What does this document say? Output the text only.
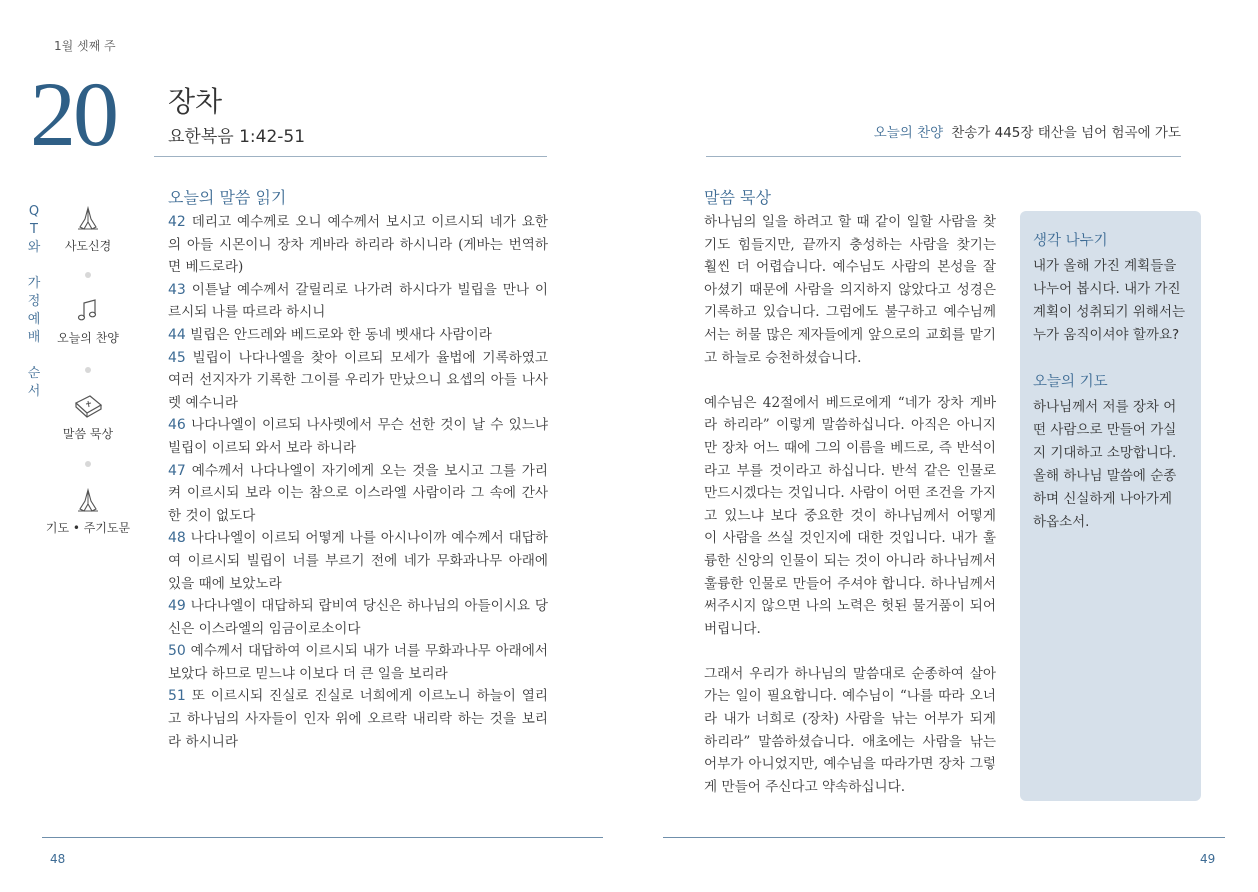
1월 셋째 주
20 장차
요한복음 1:42-51	오늘의 찬양 찬송가 445장 태산을 넘어 험곡에 가도
Q
T
와
가
정
예
배
순
서
사도신경
오늘의 찬양
말씀 묵상
기도 • 주기도문
오늘의 말씀 읽기
42 데리고 예수께로 오니 예수께서 보시고 이르시되 네가 요한의 아들 시몬이니 장차 게바라 하리라 하시니라 (게바는 번역하면 베드로라)
43 이튿날 예수께서 갈릴리로 나가려 하시다가 빌립을 만나 이르시되 나를 따르라 하시니
44 빌립은 안드레와 베드로와 한 동네 벳새다 사람이라
45 빌립이 나다나엘을 찾아 이르되 모세가 율법에 기록하였고 여러 선지자가 기록한 그이를 우리가 만났으니 요셉의 아들 나사렛 예수니라
46 나다나엘이 이르되 나사렛에서 무슨 선한 것이 날 수 있느냐 빌립이 이르되 와서 보라 하니라
47 예수께서 나다나엘이 자기에게 오는 것을 보시고 그를 가리켜 이르시되 보라 이는 참으로 이스라엘 사람이라 그 속에 간사한 것이 없도다
48 나다나엘이 이르되 어떻게 나를 아시나이까 예수께서 대답하여 이르시되 빌립이 너를 부르기 전에 네가 무화과나무 아래에 있을 때에 보았노라
49 나다나엘이 대답하되 랍비여 당신은 하나님의 아들이시요 당신은 이스라엘의 임금이로소이다
50 예수께서 대답하여 이르시되 내가 너를 무화과나무 아래에서 보았다 하므로 믿느냐 이보다 더 큰 일을 보리라
51 또 이르시되 진실로 진실로 너희에게 이르노니 하늘이 열리고 하나님의 사자들이 인자 위에 오르락 내리락 하는 것을 보리라 하시니라
말씀 묵상

하나님의 일을 하려고 할 때 같이 일할 사람을 찾기도 힘들지만, 끝까지 충성하는 사람을 찾기는 훨씬 더 어렵습니다. 예수님도 사람의 본성을 잘 아셨기 때문에 사람을 의지하지 않았다고 성경은 기록하고 있습니다. 그럼에도 불구하고 예수님께서는 허물 많은 제자들에게 앞으로의 교회를 맡기고 하늘로 승천하셨습니다.

예수님은 42절에서 베드로에게 “네가 장차 게바라 하리라” 이렇게 말씀하십니다. 아직은 아니지만 장차 어느 때에 그의 이름을 베드로, 즉 반석이라고 부를 것이라고 하십니다. 반석 같은 인물로 만드시겠다는 것입니다. 사람이 어떤 조건을 가지고 있느냐 보다 중요한 것이 하나님께서 어떻게 이 사람을 쓰실 것인지에 대한 것입니다. 내가 훌륭한 신앙의 인물이 되는 것이 아니라 하나님께서 훌륭한 인물로 만들어 주셔야 합니다. 하나님께서 써주시지 않으면 나의 노력은 헛된 물거품이 되어 버립니다.

그래서 우리가 하나님의 말씀대로 순종하여 살아가는 일이 필요합니다. 예수님이 “나를 따라 오너라 내가 너희로 (장차) 사람을 낚는 어부가 되게 하리라” 말씀하셨습니다. 애초에는 사람을 낚는 어부가 아니었지만, 예수님을 따라가면 장차 그렇게 만들어 주신다고 약속하십니다.

생각 나누기

내가 올해 가진 계획들을 나누어 봅시다. 내가 가진 계획이 성취되기 위해서는 누가 움직이셔야 할까요?

오늘의 기도

하나님께서 저를 장차 어떤 사람으로 만들어 가실지 기대하고 소망합니다. 올해 하나님 말씀에 순종하며 신실하게 나아가게 하옵소서.

48	49
